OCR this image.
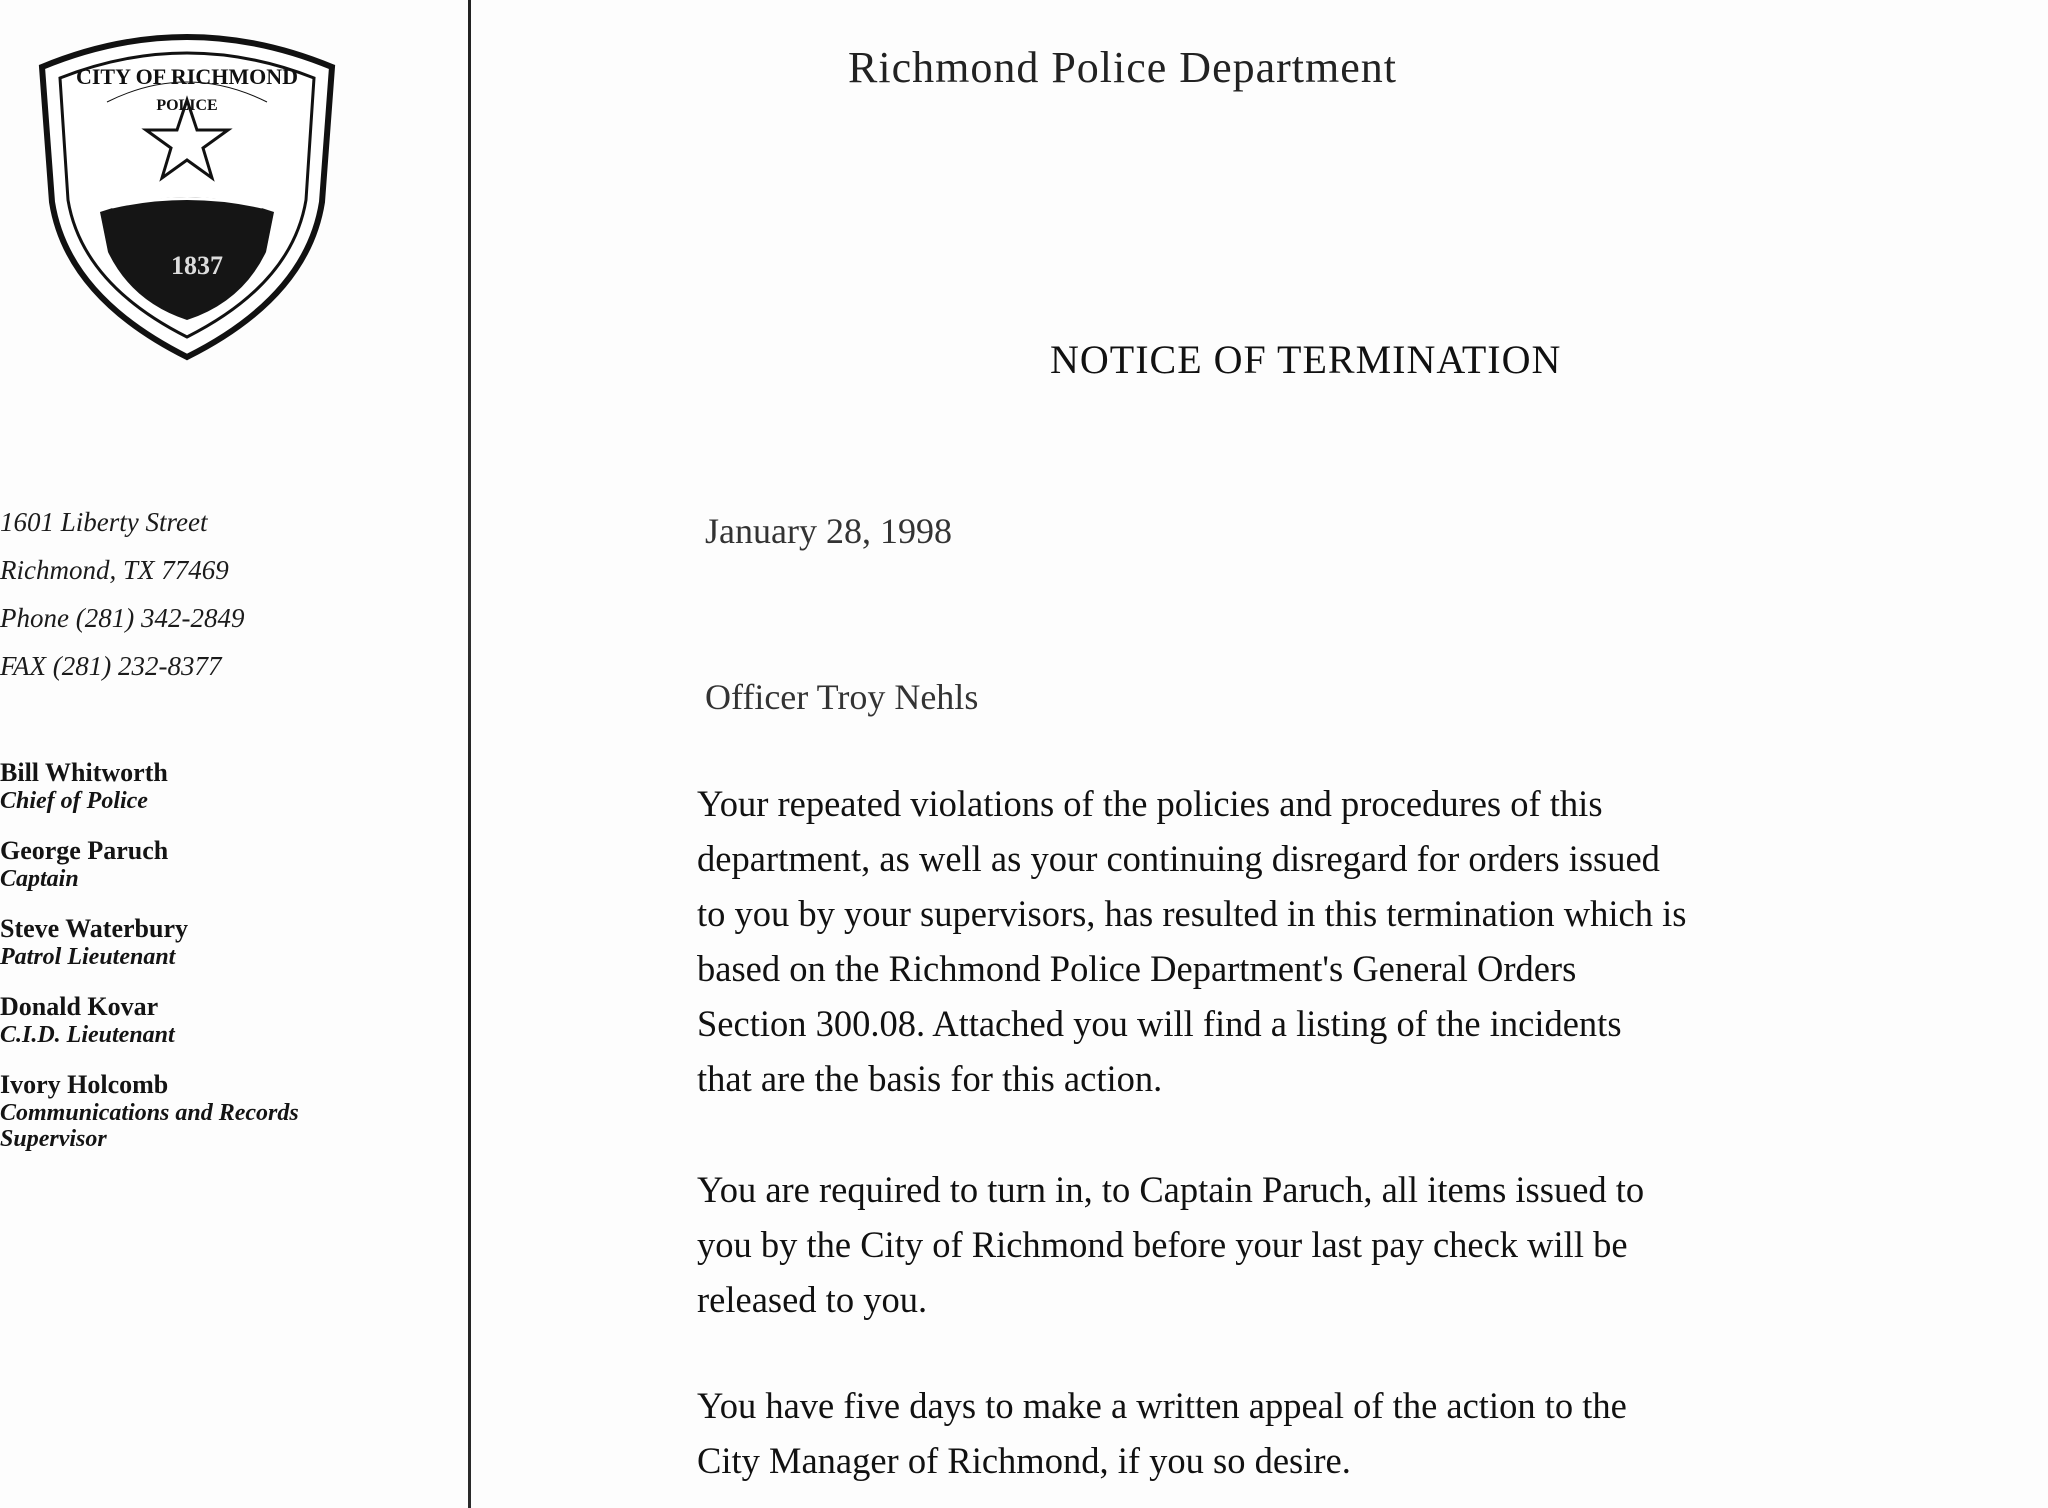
CITY OF RICHMOND
POLICE
1837
1601 Liberty Street
Richmond, TX 77469
Phone (281) 342-2849
FAX (281) 232-8377
Bill Whitworth
Chief of Police
George Paruch
Captain
Steve Waterbury
Patrol Lieutenant
Donald Kovar
C.I.D. Lieutenant
Ivory Holcomb
Communications and Records Supervisor
Richmond Police Department
NOTICE OF TERMINATION
January 28, 1998
Officer Troy Nehls

Your repeated violations of the policies and procedures of this
department, as well as your continuing disregard for orders issued
to you by your supervisors, has resulted in this termination which is
based on the Richmond Police Department's General Orders
Section 300.08. Attached you will find a listing of the incidents
that are the basis for this action.

You are required to turn in, to Captain Paruch, all items issued to
you by the City of Richmond before your last pay check will be
released to you.

You have five days to make a written appeal of the action to the
City Manager of Richmond, if you so desire.
